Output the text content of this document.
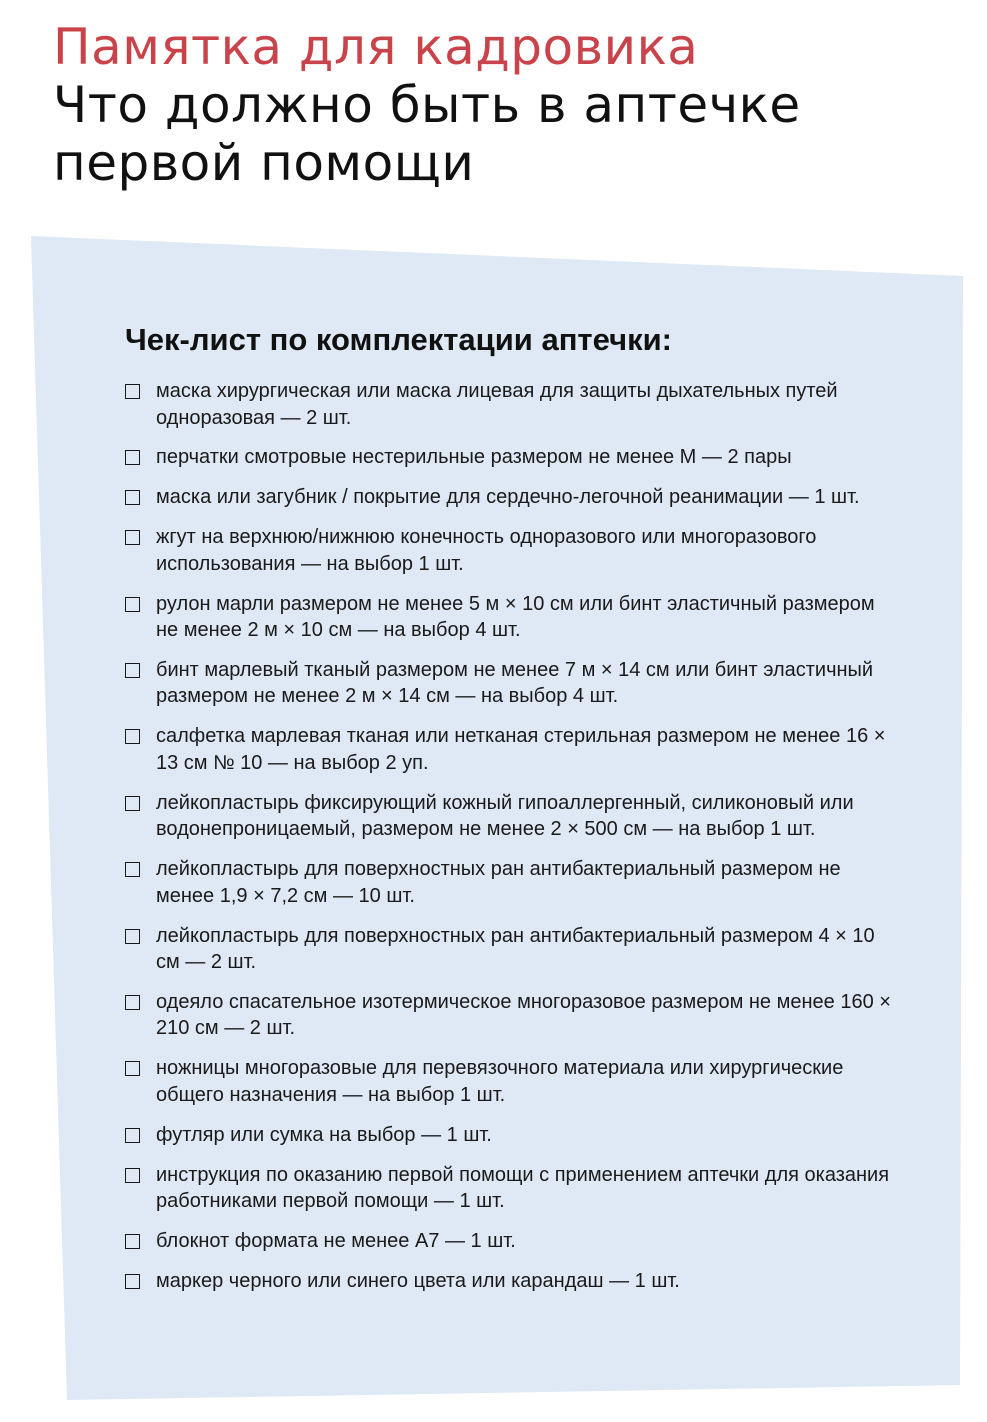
Памятка для кадровика
Что должно быть в аптечке первой помощи
Чек-лист по комплектации аптечки:
маска хирургическая или маска лицевая для защиты дыхательных путей одноразовая — 2 шт.
перчатки смотровые нестерильные размером не менее M — 2 пары
маска или загубник / покрытие для сердечно-легочной реанимации — 1 шт.
жгут на верхнюю/нижнюю конечность одноразового или многоразового использования — на выбор 1 шт.
рулон марли размером не менее 5 м × 10 см или бинт эластичный размером не менее 2 м × 10 см — на выбор 4 шт.
бинт марлевый тканый размером не менее 7 м × 14 см или бинт эластичный размером не менее 2 м × 14 см — на выбор 4 шт.
салфетка марлевая тканая или нетканая стерильная размером не менее 16 × 13 см № 10 — на выбор 2 уп.
лейкопластырь фиксирующий кожный гипоаллергенный, силиконовый или водонепроницаемый, размером не менее 2 × 500 см — на выбор 1 шт.
лейкопластырь для поверхностных ран антибактериальный размером не менее 1,9 × 7,2 см — 10 шт.
лейкопластырь для поверхностных ран антибактериальный размером 4 × 10 см — 2 шт.
одеяло спасательное изотермическое многоразовое размером не менее 160 × 210 см — 2 шт.
ножницы многоразовые для перевязочного материала или хирургические общего назначения — на выбор 1 шт.
футляр или сумка на выбор — 1 шт.
инструкция по оказанию первой помощи с применением аптечки для оказания работниками первой помощи — 1 шт.
блокнот формата не менее А7 — 1 шт.
маркер черного или синего цвета или карандаш — 1 шт.
